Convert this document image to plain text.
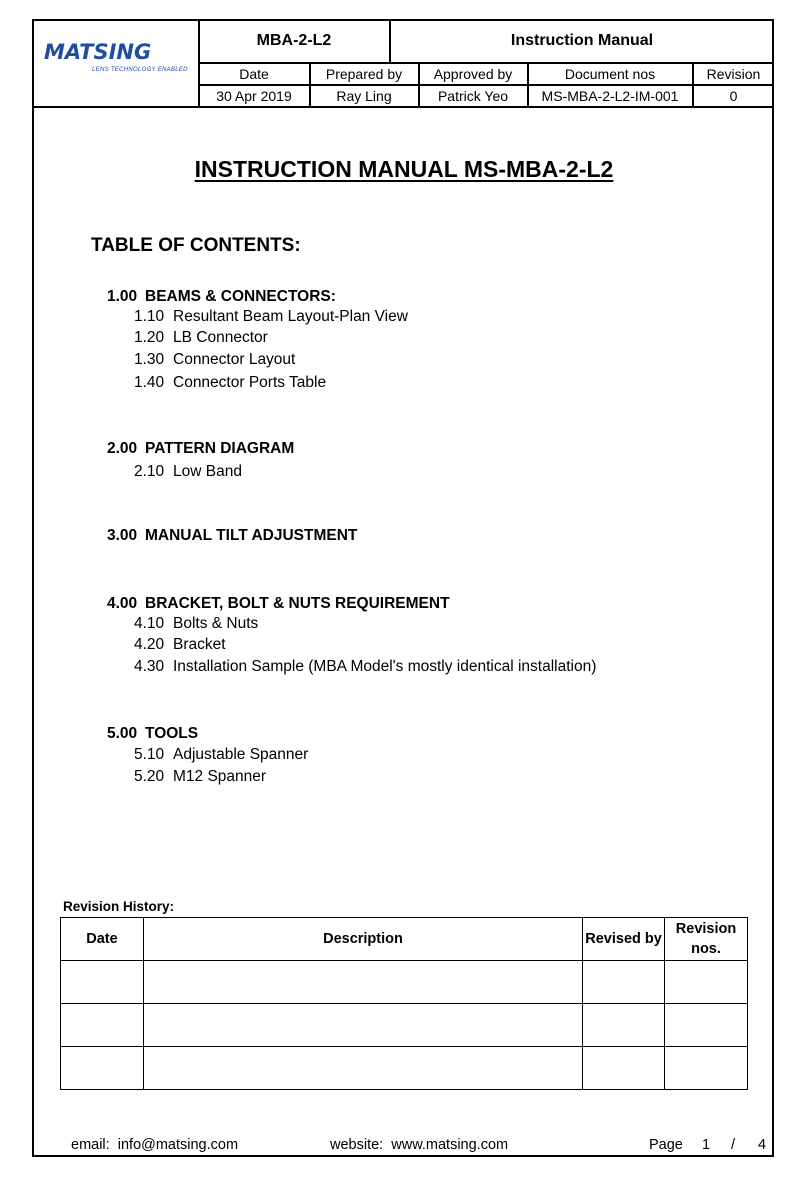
MATSING
LENS TECHNOLOGY ENABLED
MBA-2-L2	Instruction Manual
Date	Prepared by	Approved by	Document nos	Revision
30 Apr 2019	Ray Ling	Patrick Yeo	MS-MBA-2-L2-IM-001	0
INSTRUCTION MANUAL MS-MBA-2-L2
TABLE OF CONTENTS:
1.00 BEAMS & CONNECTORS:
1.10 Resultant Beam Layout-Plan View
1.20 LB Connector
1.30 Connector Layout
1.40 Connector Ports Table
2.00 PATTERN DIAGRAM
2.10 Low Band
3.00 MANUAL TILT ADJUSTMENT
4.00 BRACKET, BOLT & NUTS REQUIREMENT
4.10 Bolts & Nuts
4.20 Bracket
4.30 Installation Sample (MBA Model's mostly identical installation)
5.00 TOOLS
5.10 Adjustable Spanner
5.20 M12 Spanner
Revision History:
Date	Description	Revised by	Revision nos.

email: info@matsing.com	website: www.matsing.com	Page 1 / 4
